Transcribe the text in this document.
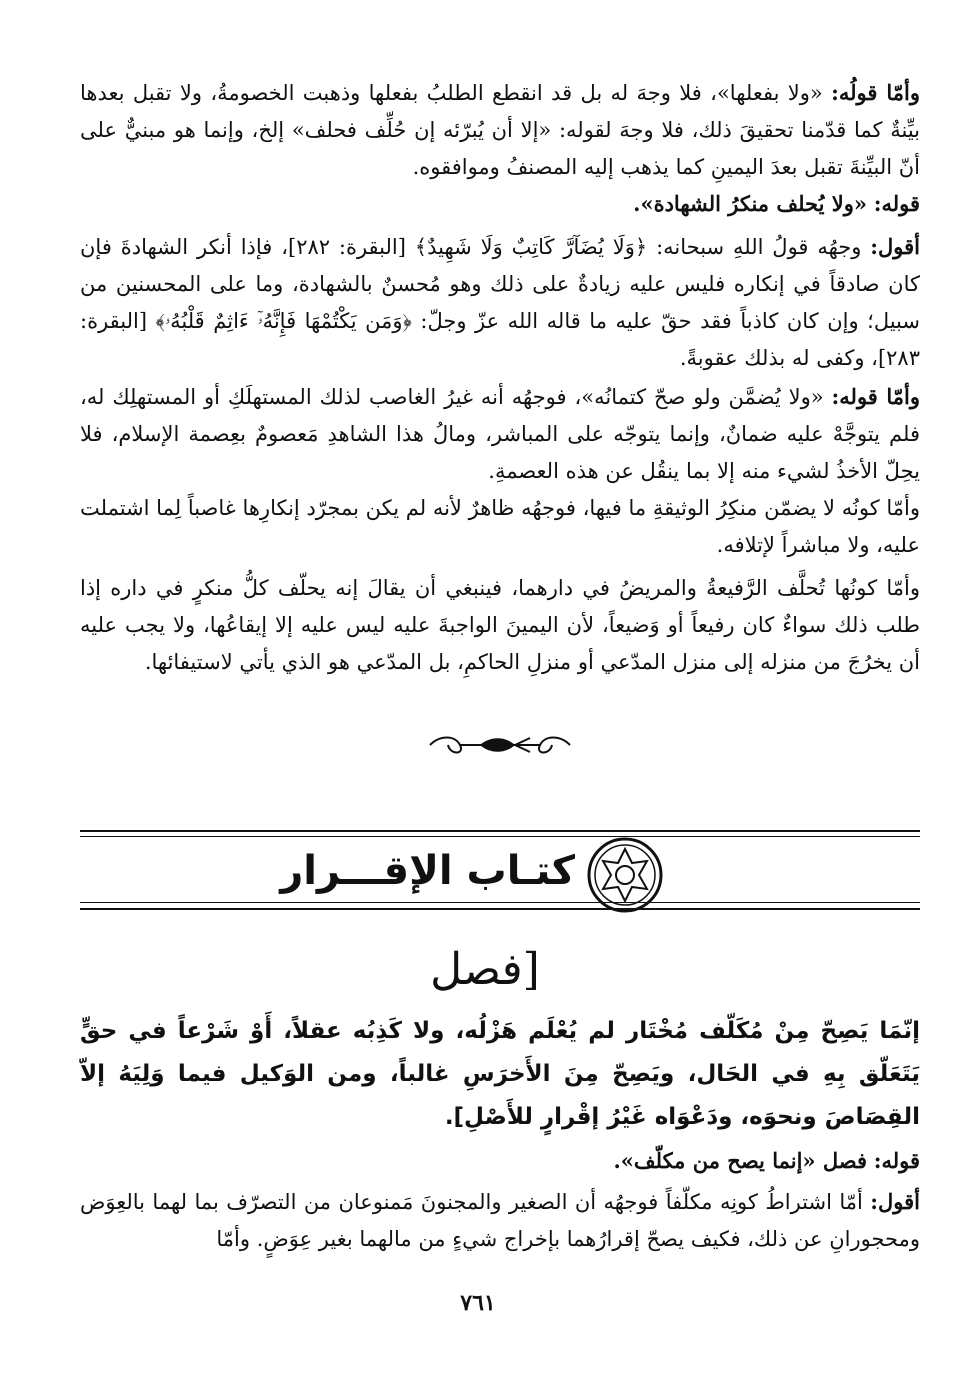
وأمّا قولُه: «ولا بفعلها»، فلا وجهَ له بل قد انقطع الطلبُ بفعلها وذهبت الخصومةُ، ولا تقبل بعدها بيِّنةٌ كما قدّمنا تحقيقَ ذلك، فلا وجهَ لقوله: «إلا أن يُبرّئه إن حُلِّف فحلف» إلخ، وإنما هو مبنيٌّ على أنّ البيِّنةَ تقبل بعدَ اليمينِ كما يذهب إليه المصنفُ وموافقوه.

قوله: «ولا يُحلف منكرُ الشهادة».

أقول: وجهُه قولُ اللهِ سبحانه: ﴿وَلَا يُضَآرَّ كَاتِبٌ وَلَا شَهِيدٌ﴾ [البقرة: ٢٨٢]، فإذا أنكر الشهادةَ فإن كان صادقاً في إنكاره فليس عليه زيادةٌ على ذلك وهو مُحسنٌ بالشهادة، وما على المحسنين من سبيل؛ وإن كان كاذباً فقد حقّ عليه ما قاله الله عزّ وجلّ: ﴿وَمَن يَكْتُمْهَا فَإِنَّهُۥٓ ءَاثِمٌ قَلْبُهُۥ﴾ [البقرة: ٢٨٣]، وكفى له بذلك عقوبةً.

وأمّا قوله: «ولا يُضمَّن ولو صحّ كتمانُه»، فوجهُه أنه غيرُ الغاصب لذلك المستهلَكِ أو المستهلِك له، فلم يتوجَّهْ عليه ضمانٌ، وإنما يتوجّه على المباشر، ومالُ هذا الشاهدِ مَعصومٌ بعِصمة الإسلام، فلا يحِلّ الأخذُ لشيء منه إلا بما ينقُل عن هذه العصمةِ.

وأمّا كونُه لا يضمّن منكِرُ الوثيقةِ ما فيها، فوجهُه ظاهرٌ لأنه لم يكن بمجرّد إنكارِها غاصباً لِما اشتملت عليه، ولا مباشراً لإتلافه.

وأمّا كونُها تُحلَّف الرَّفيعةُ والمريضُ في دارهما، فينبغي أن يقالَ إنه يحلّف كلُّ منكرٍ في داره إذا طلب ذلك سواءٌ كان رفيعاً أو وَضيعاً، لأن اليمينَ الواجبةَ عليه ليس عليه إلا إيقاعُها، ولا يجب عليه أن يخرُجَ من منزله إلى منزل المدّعي أو منزلِ الحاكمِ، بل المدّعي هو الذي يأتي لاستيفائها.

كتـاب الإقـــرار
[فصل

إنّمَا يَصِحّ مِنْ مُكَلّف مُخْتَار لم يُعْلَم هَزْلُه، ولا كَذِبُه عقلاً، أَوْ شَرْعاً في حقٍّ يَتَعَلّق بِهِ في الحَال، ويَصِحّ مِنَ الأَخرَسِ غالباً، ومن الوَكيل فيما وَلِيَهُ إلاّ القِصَاصَ ونحوَه، ودَعْوَاه غَيْرُ إقْرارٍ للأَصْلِ].

قوله: فصل «إنما يصح من مكلّف».

أقول: أمّا اشتراطُ كونِه مكلّفاً فوجهُه أن الصغير والمجنونَ مَمنوعان من التصرّف بما لهما بالعِوَض ومحجورانِ عن ذلك، فكيف يصحّ إقرارُهما بإخراج شيءٍ من مالهما بغير عِوَضٍ. وأمّا

٧٦١
